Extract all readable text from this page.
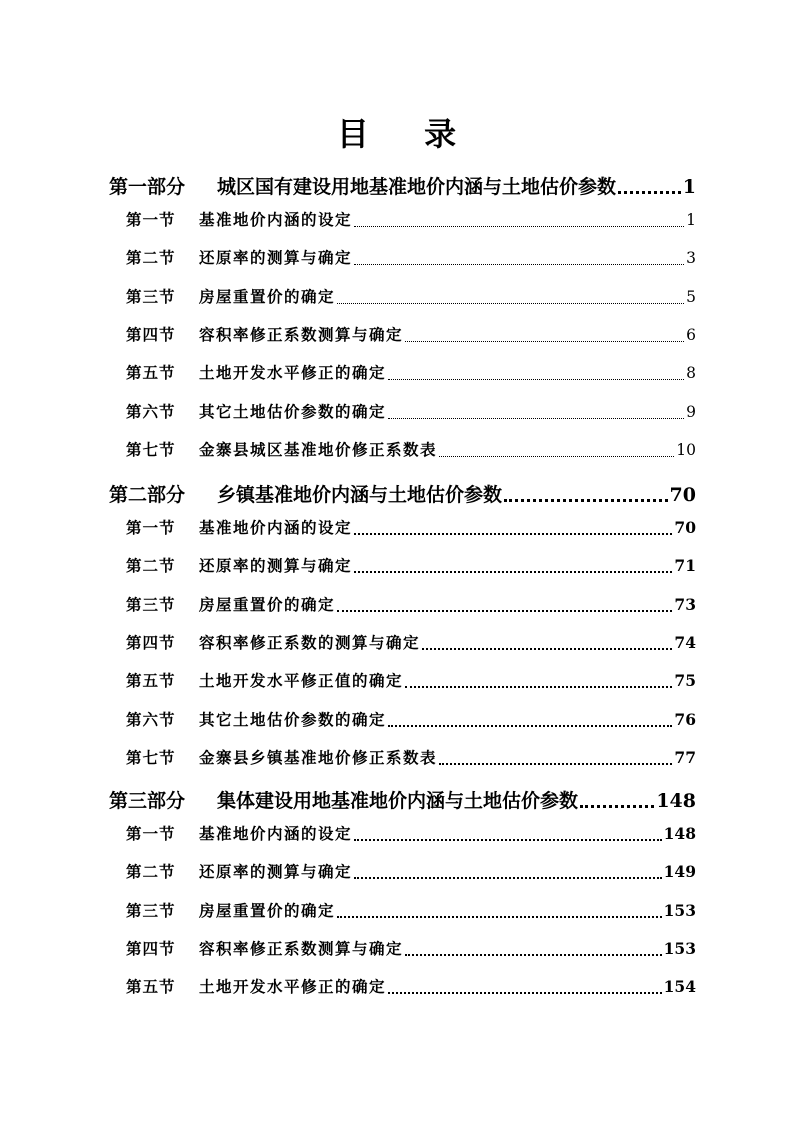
目 录
第一部分	城区国有建设用地基准地价内涵与土地估价参数	1
第一节	基准地价内涵的设定	1
第二节	还原率的测算与确定	3
第三节	房屋重置价的确定	5
第四节	容积率修正系数测算与确定	6
第五节	土地开发水平修正的确定	8
第六节	其它土地估价参数的确定	9
第七节	金寨县城区基准地价修正系数表	10
第二部分	乡镇基准地价内涵与土地估价参数	70
第一节	基准地价内涵的设定	70
第二节	还原率的测算与确定	71
第三节	房屋重置价的确定	73
第四节	容积率修正系数的测算与确定	74
第五节	土地开发水平修正值的确定	75
第六节	其它土地估价参数的确定	76
第七节	金寨县乡镇基准地价修正系数表	77
第三部分	集体建设用地基准地价内涵与土地估价参数	148
第一节	基准地价内涵的设定	148
第二节	还原率的测算与确定	149
第三节	房屋重置价的确定	153
第四节	容积率修正系数测算与确定	153
第五节	土地开发水平修正的确定	154
